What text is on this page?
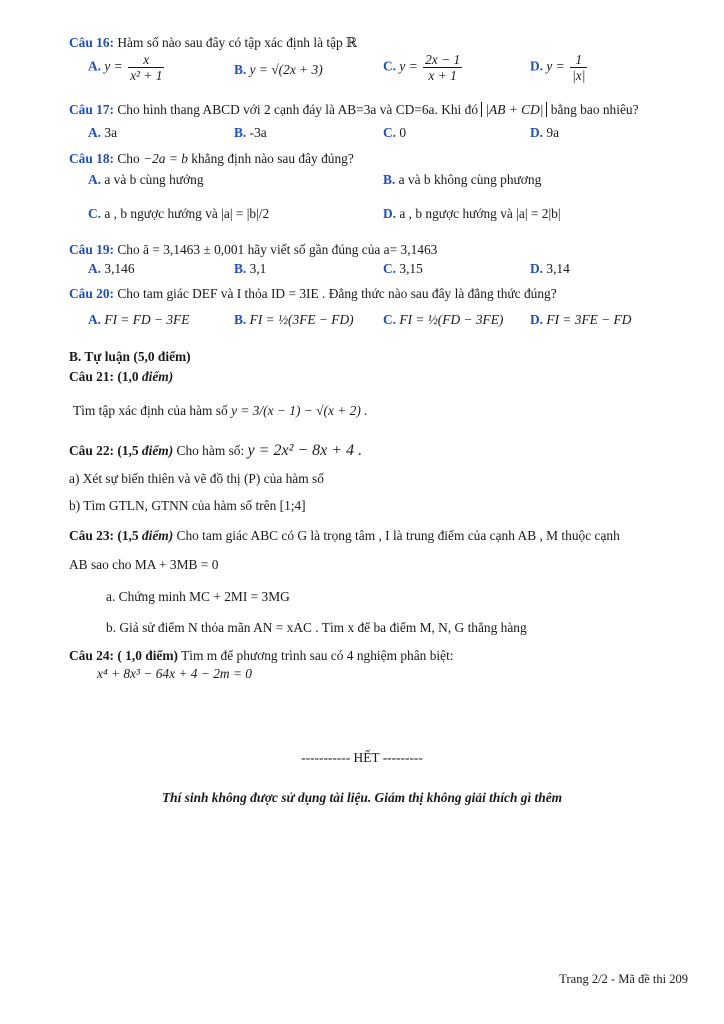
Câu 16: Hàm số nào sau đây có tập xác định là tập ℝ
A. $y = \frac{x}{\text{x² + 1}}$	B. y = √(2x + 3)	C. $y = \frac{2x - 1}{x + 1}$	D. $y = \frac{1}{|x|}$
Câu 17: Cho hình thang ABCD với 2 cạnh đáy là AB=3a và CD=6a. Khi đó |AB + CD| bằng bao nhiêu?
A. 3a	B. -3a	C. 0	D. 9a
Câu 18: Cho −2a = b khẳng định nào sau đây đúng?
A. a và b cùng hướng	B. a và b không cùng phương
C. a , b ngược hướng và |a| = |b|/2	D. a , b ngược hướng và |a| = 2|b|
Câu 19: Cho ā = 3,1463 ± 0,001 hãy viết số gần đúng của a= 3,1463
A. 3,146	B. 3,1	C. 3,15	D. 3,14
Câu 20: Cho tam giác DEF và I thỏa ID = 3IE . Đẳng thức nào sau đây là đẳng thức đúng?
A. FI = FD − 3FE	B. FI = ½(3FE − FD) C. FI = ½(FD − 3FE) D. FI = 3FE − FD
B. Tự luận (5,0 điểm)
Câu 21: (1,0 điểm)
Tìm tập xác định của hàm số y = 3/(x − 1) − √(x + 2) .
Câu 22: (1,5 điểm) Cho hàm số: y = 2x² − 8x + 4 .
a) Xét sự biến thiên và vẽ đồ thị (P) của hàm số
b) Tìm GTLN, GTNN của hàm số trên [1;4]
Câu 23: (1,5 điểm) Cho tam giác ABC có G là trọng tâm , I là trung điểm của cạnh AB , M thuộc cạnh
AB sao cho MA + 3MB = 0
a. Chứng minh MC + 2MI = 3MG
b. Giả sử điểm N thỏa mãn AN = xAC . Tìm x để ba điểm M, N, G thẳng hàng
Câu 24: ( 1,0 điểm) Tìm m để phương trình sau có 4 nghiệm phân biệt:
x⁴ + 8x³ − 64x + 4 − 2m = 0
----------- HẾT ---------
Thí sinh không được sử dụng tài liệu. Giám thị không giải thích gì thêm
Trang 2/2 - Mã đề thi 209
